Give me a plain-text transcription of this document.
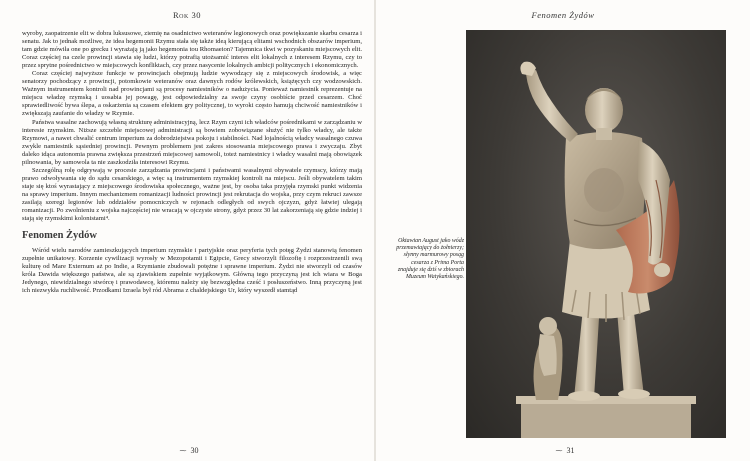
Rok 30

wyroby, zaopatrzenie elit w dobra luksusowe, ziemię na osadnictwo weteranów legionowych oraz powiększanie skarbu cesarza i senatu. Jak to jednak możliwe, że idea hegemonii Rzymu stała się także ideą kierującą elitami wschodnich obszarów imperium, tam gdzie mówiła one po grecku i wyrażają ją jako hegemonia tou Rhomaeion? Tajemnica tkwi w pozyskaniu miejscowych elit. Coraz częściej na czele prowincji stawia się ludzi, którzy potrafią utożsamić interes elit lokalnych z interesem Rzymu, czy to przez sprytne pośrednictwo w miejscowych konfliktach, czy przez nasycenie lokalnych ambicji politycznych i ekonomicznych.

Coraz częściej najwyższe funkcje w prowincjach obejmują ludzie wywodzący się z miejscowych środowisk, a więc senatorzy pochodzący z prowincji, potomkowie weteranów oraz dawnych rodów królewskich, książęcych czy wodzowskich. Ważnym instrumentem kontroli nad prowincjami są procesy namiestników o nadużycia. Ponieważ namiestnik reprezentuje na miejscu władzę rzymską i uosabia jej powagę, jest odpowiedzialny za swoje czyny osobiście przed cesarzem. Choć sprawiedliwość bywa ślepa, a oskarżenia są czasem efektem gry politycznej, to wyroki często hamują chciwość namiestników i zwiększają zaufanie do władzy w Rzymie.

Państwa wasalne zachowują własną strukturę administracyjną, lecz Rzym czyni ich władców pośrednikami w zarządzaniu w interesie rzymskim. Niższe szczeble miejscowej administracji są bowiem zobowiązane służyć nie tylko władcy, ale także Rzymowi, a nawet chwalić centrum imperium za dobrodziejstwa pokoju i stabilności. Nad lojalnością władcy wasalnego czuwa zwykle namiestnik sąsiedniej prowincji. Pewnym problemem jest zakres stosowania miejscowego prawa i zwyczaju. Zbyt daleko idąca autonomia prawna zwiększa przestrzeń miejscowej samowoli, toteż namiestnicy i władcy wasalni mają obowiązek pilnowania, by samowola ta nie zaszkodziła interesowi Rzymu.

Szczególną rolę odgrywają w procesie zarządzania prowincjami i państwami wasalnymi obywatele rzymscy, którzy mają prawo odwoływania się do sądu cesarskiego, a więc są instrumentem rzymskiej kontroli na miejscu. Jeśli obywatelem takim staje się ktoś wyrastający z miejscowego środowiska społecznego, ważne jest, by osoba taka przyjęła rzymski punkt widzenia na sprawy imperium. Innym mechanizmem romanizacji ludności prowincji jest rekrutacja do wojska, przy czym rekruci zawsze zasilają szeregi legionów lub oddziałów pomocniczych w rejonach odległych od swych ojczyzn, gdyż łatwiej ulegają romanizacji. Po zwolnieniu z wojska najczęściej nie wracają w ojczyste strony, gdyż przez 30 lat zakorzeniają się gdzie indziej i stają się rzymskimi kolonistami⁴.

Fenomen Żydów

Wśród wielu narodów zamieszkujących imperium rzymskie i partyjskie oraz peryferia tych potęg Żydzi stanowią fenomen zupełnie unikatowy. Korzenie cywilizacji wyrosły w Mezopotamii i Egipcie, Grecy stworzyli filozofię i rozprzestrzenili swą kulturę od Mare Externum aż po Indie, a Rzymianie zbudowali potężne i sprawne imperium. Żydzi nie stworzyli od czasów króla Dawida większego państwa, ale są zjawiskiem zupełnie wyjątkowym. Główną tego przyczyną jest ich wiara w Boga Jedynego, niewidzialnego stwórcę i prawodawcę, któremu należy się bezwzględna cześć i posłuszeństwo. Inną przyczyną jest ich niezwykła ruchliwość. Przodkami Izraela był ród Abrama z chaldejskiego Ur, który wyszedł stamtąd

⁓ 30
Fenomen Żydów
Oktawian August jako wódz przemawiający do żołnierzy; słynny marmurowy posąg cesarza z Prima Porta znajduje się dziś w zbiorach Muzeum Watykańskiego.
⁓ 31
